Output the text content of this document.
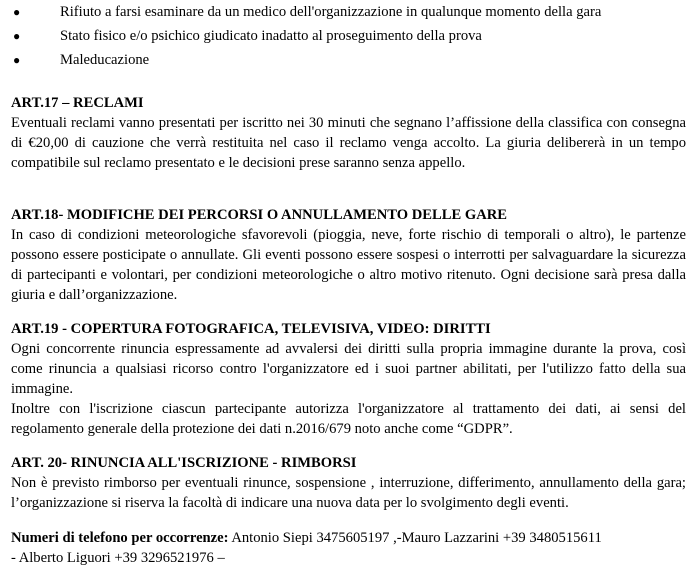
●	Rifiuto a farsi esaminare da un medico dell'organizzazione in qualunque momento della gara
●	Stato fisico e/o psichico giudicato inadatto al proseguimento della prova
●	Maleducazione
ART.17 – RECLAMI

Eventuali reclami vanno presentati per iscritto nei 30 minuti che segnano l’affissione della classifica con consegna di €20,00 di cauzione che verrà restituita nel caso il reclamo venga accolto. La giuria delibererà in un tempo compatibile sul reclamo presentato e le decisioni prese saranno senza appello.

ART.18- MODIFICHE DEI PERCORSI O ANNULLAMENTO DELLE GARE

In caso di condizioni meteorologiche sfavorevoli (pioggia, neve, forte rischio di temporali o altro), le partenze possono essere posticipate o annullate. Gli eventi possono essere sospesi o interrotti per salvaguardare la sicurezza di partecipanti e volontari, per condizioni meteorologiche o altro motivo ritenuto. Ogni decisione sarà presa dalla giuria e dall’organizzazione.

ART.19 - COPERTURA FOTOGRAFICA, TELEVISIVA, VIDEO: DIRITTI

Ogni concorrente rinuncia espressamente ad avvalersi dei diritti sulla propria immagine durante la prova, così come rinuncia a qualsiasi ricorso contro l'organizzatore ed i suoi partner abilitati, per l'utilizzo fatto della sua immagine.

Inoltre con l'iscrizione ciascun partecipante autorizza l'organizzatore al trattamento dei dati, ai sensi del regolamento generale della protezione dei dati n.2016/679 noto anche come “GDPR”.

ART. 20- RINUNCIA ALL'ISCRIZIONE - RIMBORSI

Non è previsto rimborso per eventuali rinunce, sospensione , interruzione, differimento, annullamento della gara; l’organizzazione si riserva la facoltà di indicare una nuova data per lo svolgimento degli eventi.

Numeri di telefono per occorrenze: Antonio Siepi 3475605197 ,-Mauro Lazzarini +39 3480515611

- Alberto Liguori +39 3296521976 –
